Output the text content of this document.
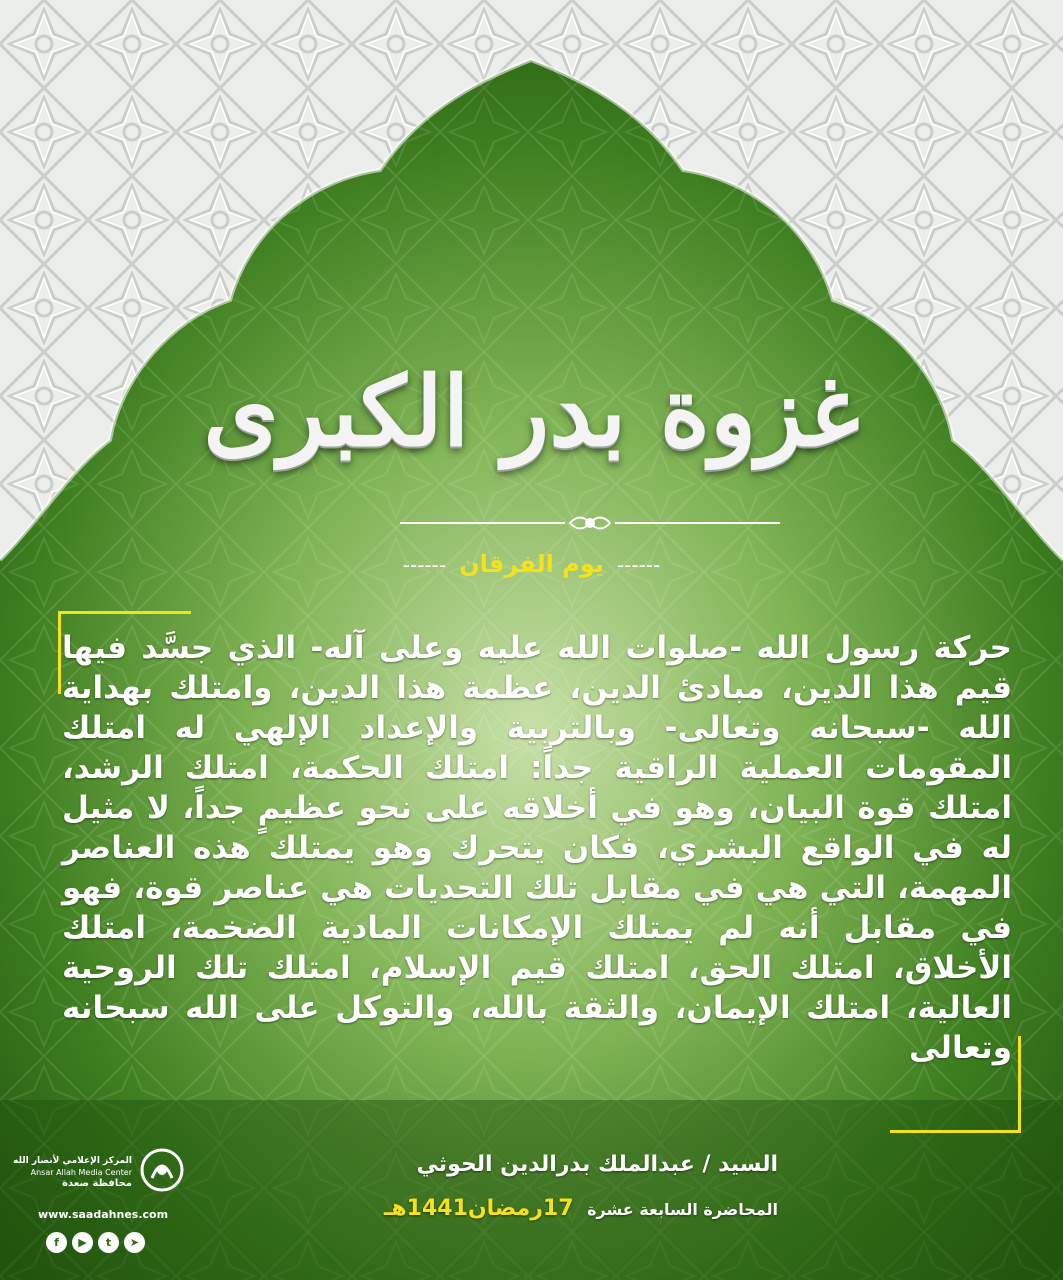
غزوة بدر الكبرى
------ يوم الفرقان ------
حركة رسول الله -صلوات الله عليه وعلى آله- الذي جسَّد فيها قيم هذا الدين، مبادئ الدين، عظمة هذا الدين، وامتلك بهداية الله -سبحانه وتعالى- وبالتربية والإعداد الإلهي له امتلك المقومات العملية الراقية جداً: امتلك الحكمة، امتلك الرشد، امتلك قوة البيان، وهو في أخلاقه على نحو عظيمٍ جداً، لا مثيل له في الواقع البشري، فكان يتحرك وهو يمتلك هذه العناصر المهمة، التي هي في مقابل تلك التحديات هي عناصر قوة، فهو في مقابل أنه لم يمتلك الإمكانات المادية الضخمة، امتلك الأخلاق، امتلك الحق، امتلك قيم الإسلام، امتلك تلك الروحية العالية، امتلك الإيمان، والثقة بالله، والتوكل على الله سبحانه وتعالى
السيد / عبدالملك بدرالدين الحوثي
المحاضرة السابعة عشرة 17رمضان1441هـ
المركز الإعلامي لأنصار الله
Ansar Allah Media Center
محافظة صعدة
www.saadahnes.com
f	▶	t	➤
